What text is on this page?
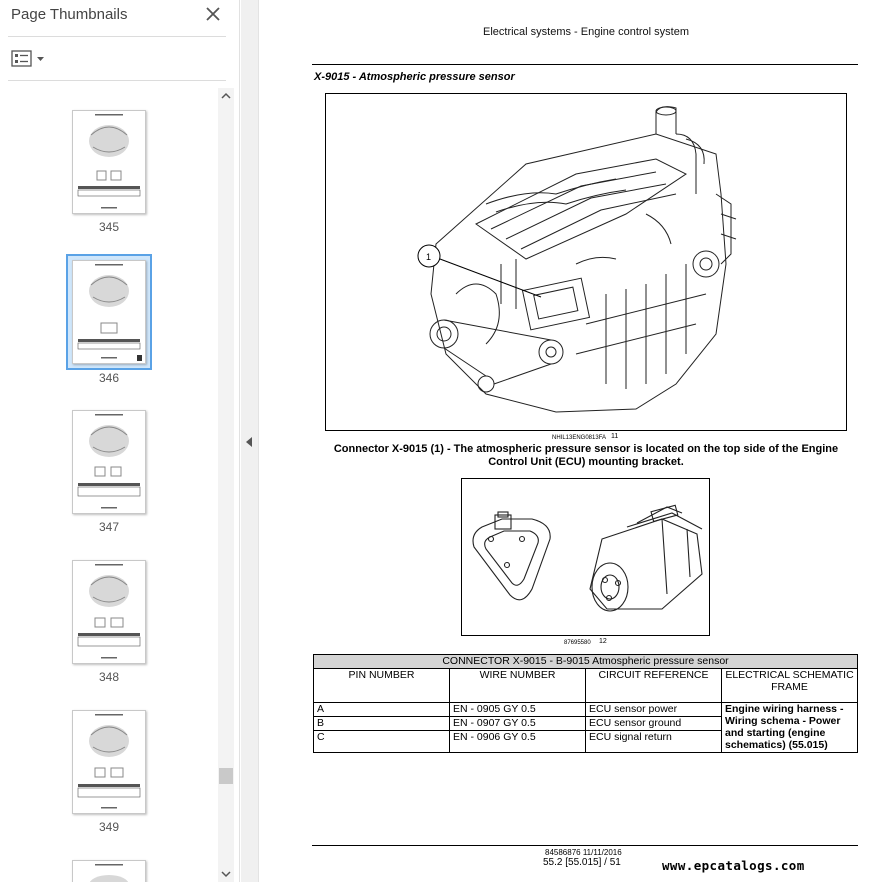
Page Thumbnails
345
346
347
348
349
Electrical systems - Engine control system
X-9015 - Atmospheric pressure sensor
1
NHIL13ENG0813FA 11
Connector X-9015 (1) - The atmospheric pressure sensor is located on the top side of the Engine Control Unit (ECU) mounting bracket.
87695580 12
CONNECTOR X-9015 - B-9015 Atmospheric pressure sensor			
PIN NUMBER	WIRE NUMBER	CIRCUIT REFERENCE	ELECTRICAL SCHEMATIC FRAME
A	EN - 0905 GY 0.5	ECU sensor power	Engine wiring harness - Wiring schema - Power and starting (engine schematics) (55.015)
B	EN - 0907 GY 0.5	ECU sensor ground	
C	EN - 0906 GY 0.5	ECU signal return	
84586876 11/11/2016
55.2 [55.015] / 51	www.epcatalogs.com
